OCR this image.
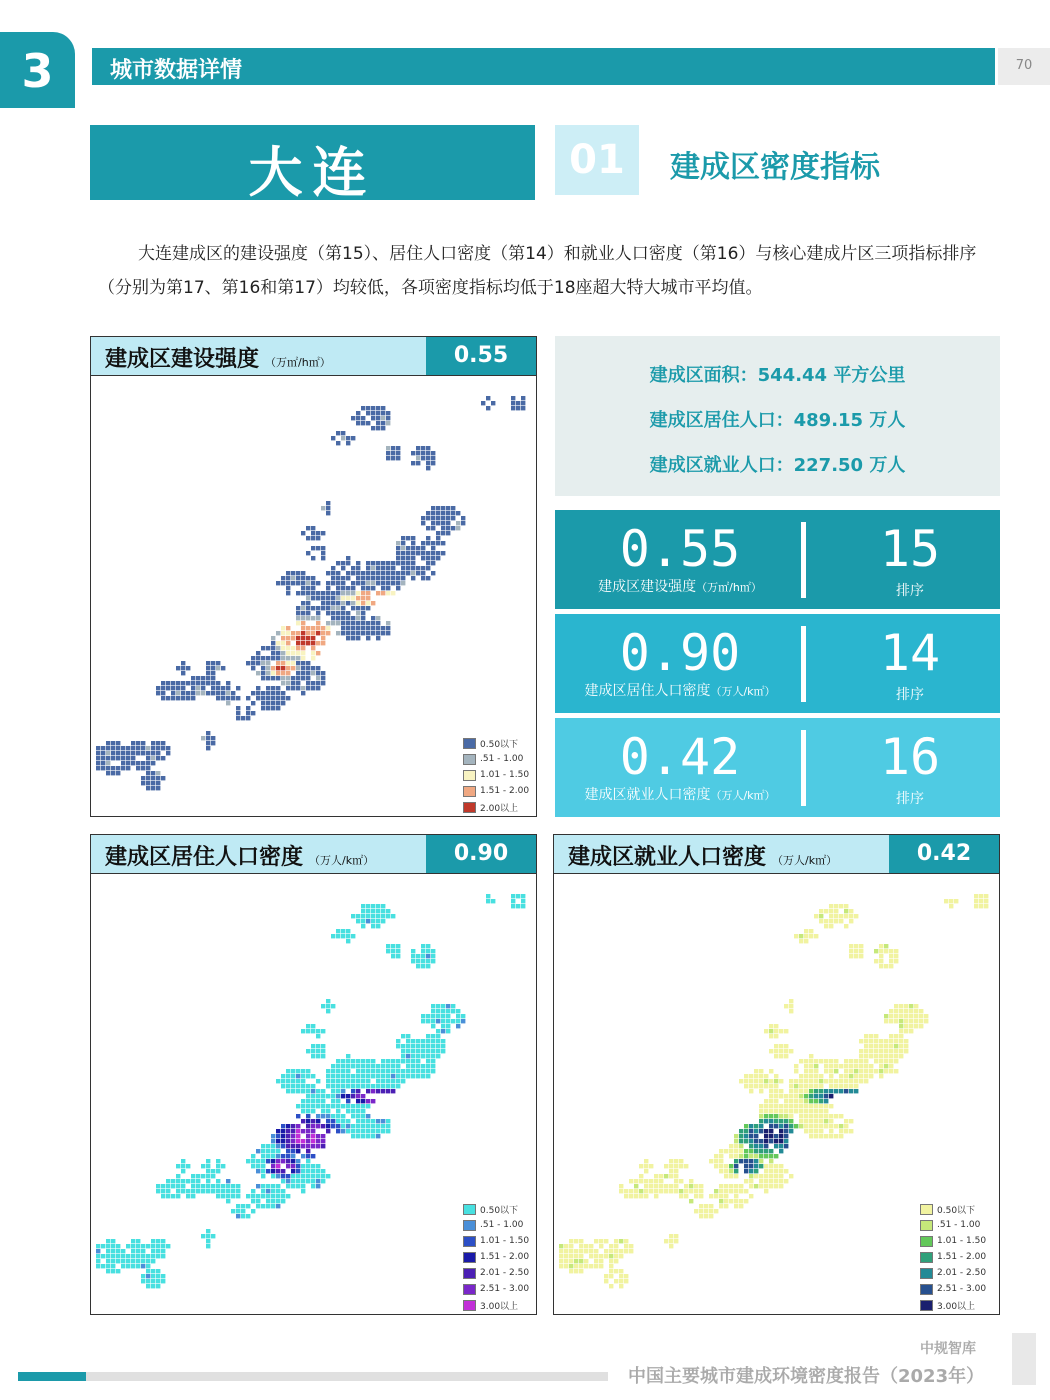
3	城市数据详情	70
大连	01	建成区密度指标
大连建成区的建设强度（第15）、居住人口密度（第14）和就业人口密度（第16）与核心建成片区三项指标排序（分别为第17、第16和第17）均较低，各项密度指标均低于18座超大特大城市平均值。
建成区建设强度 （万㎡/h㎡）	0.55
0.50以下
.51 - 1.00
1.01 - 1.50
1.51 - 2.00
2.00以上
建成区面积：544.44 平方公里
建成区居住人口：489.15 万人
建成区就业人口：227.50 万人
0.55
建成区建设强度（万㎡/h㎡）
15
排序
0.90
建成区居住人口密度（万人/k㎡）
14
排序
0.42
建成区就业人口密度（万人/k㎡）
16
排序
建成区居住人口密度 （万人/k㎡）	0.90
0.50以下
.51 - 1.00
1.01 - 1.50
1.51 - 2.00
2.01 - 2.50
2.51 - 3.00
3.00以上
建成区就业人口密度 （万人/k㎡）	0.42
0.50以下
.51 - 1.00
1.01 - 1.50
1.51 - 2.00
2.01 - 2.50
2.51 - 3.00
3.00以上
中规智库
中国主要城市建成环境密度报告（2023年）
